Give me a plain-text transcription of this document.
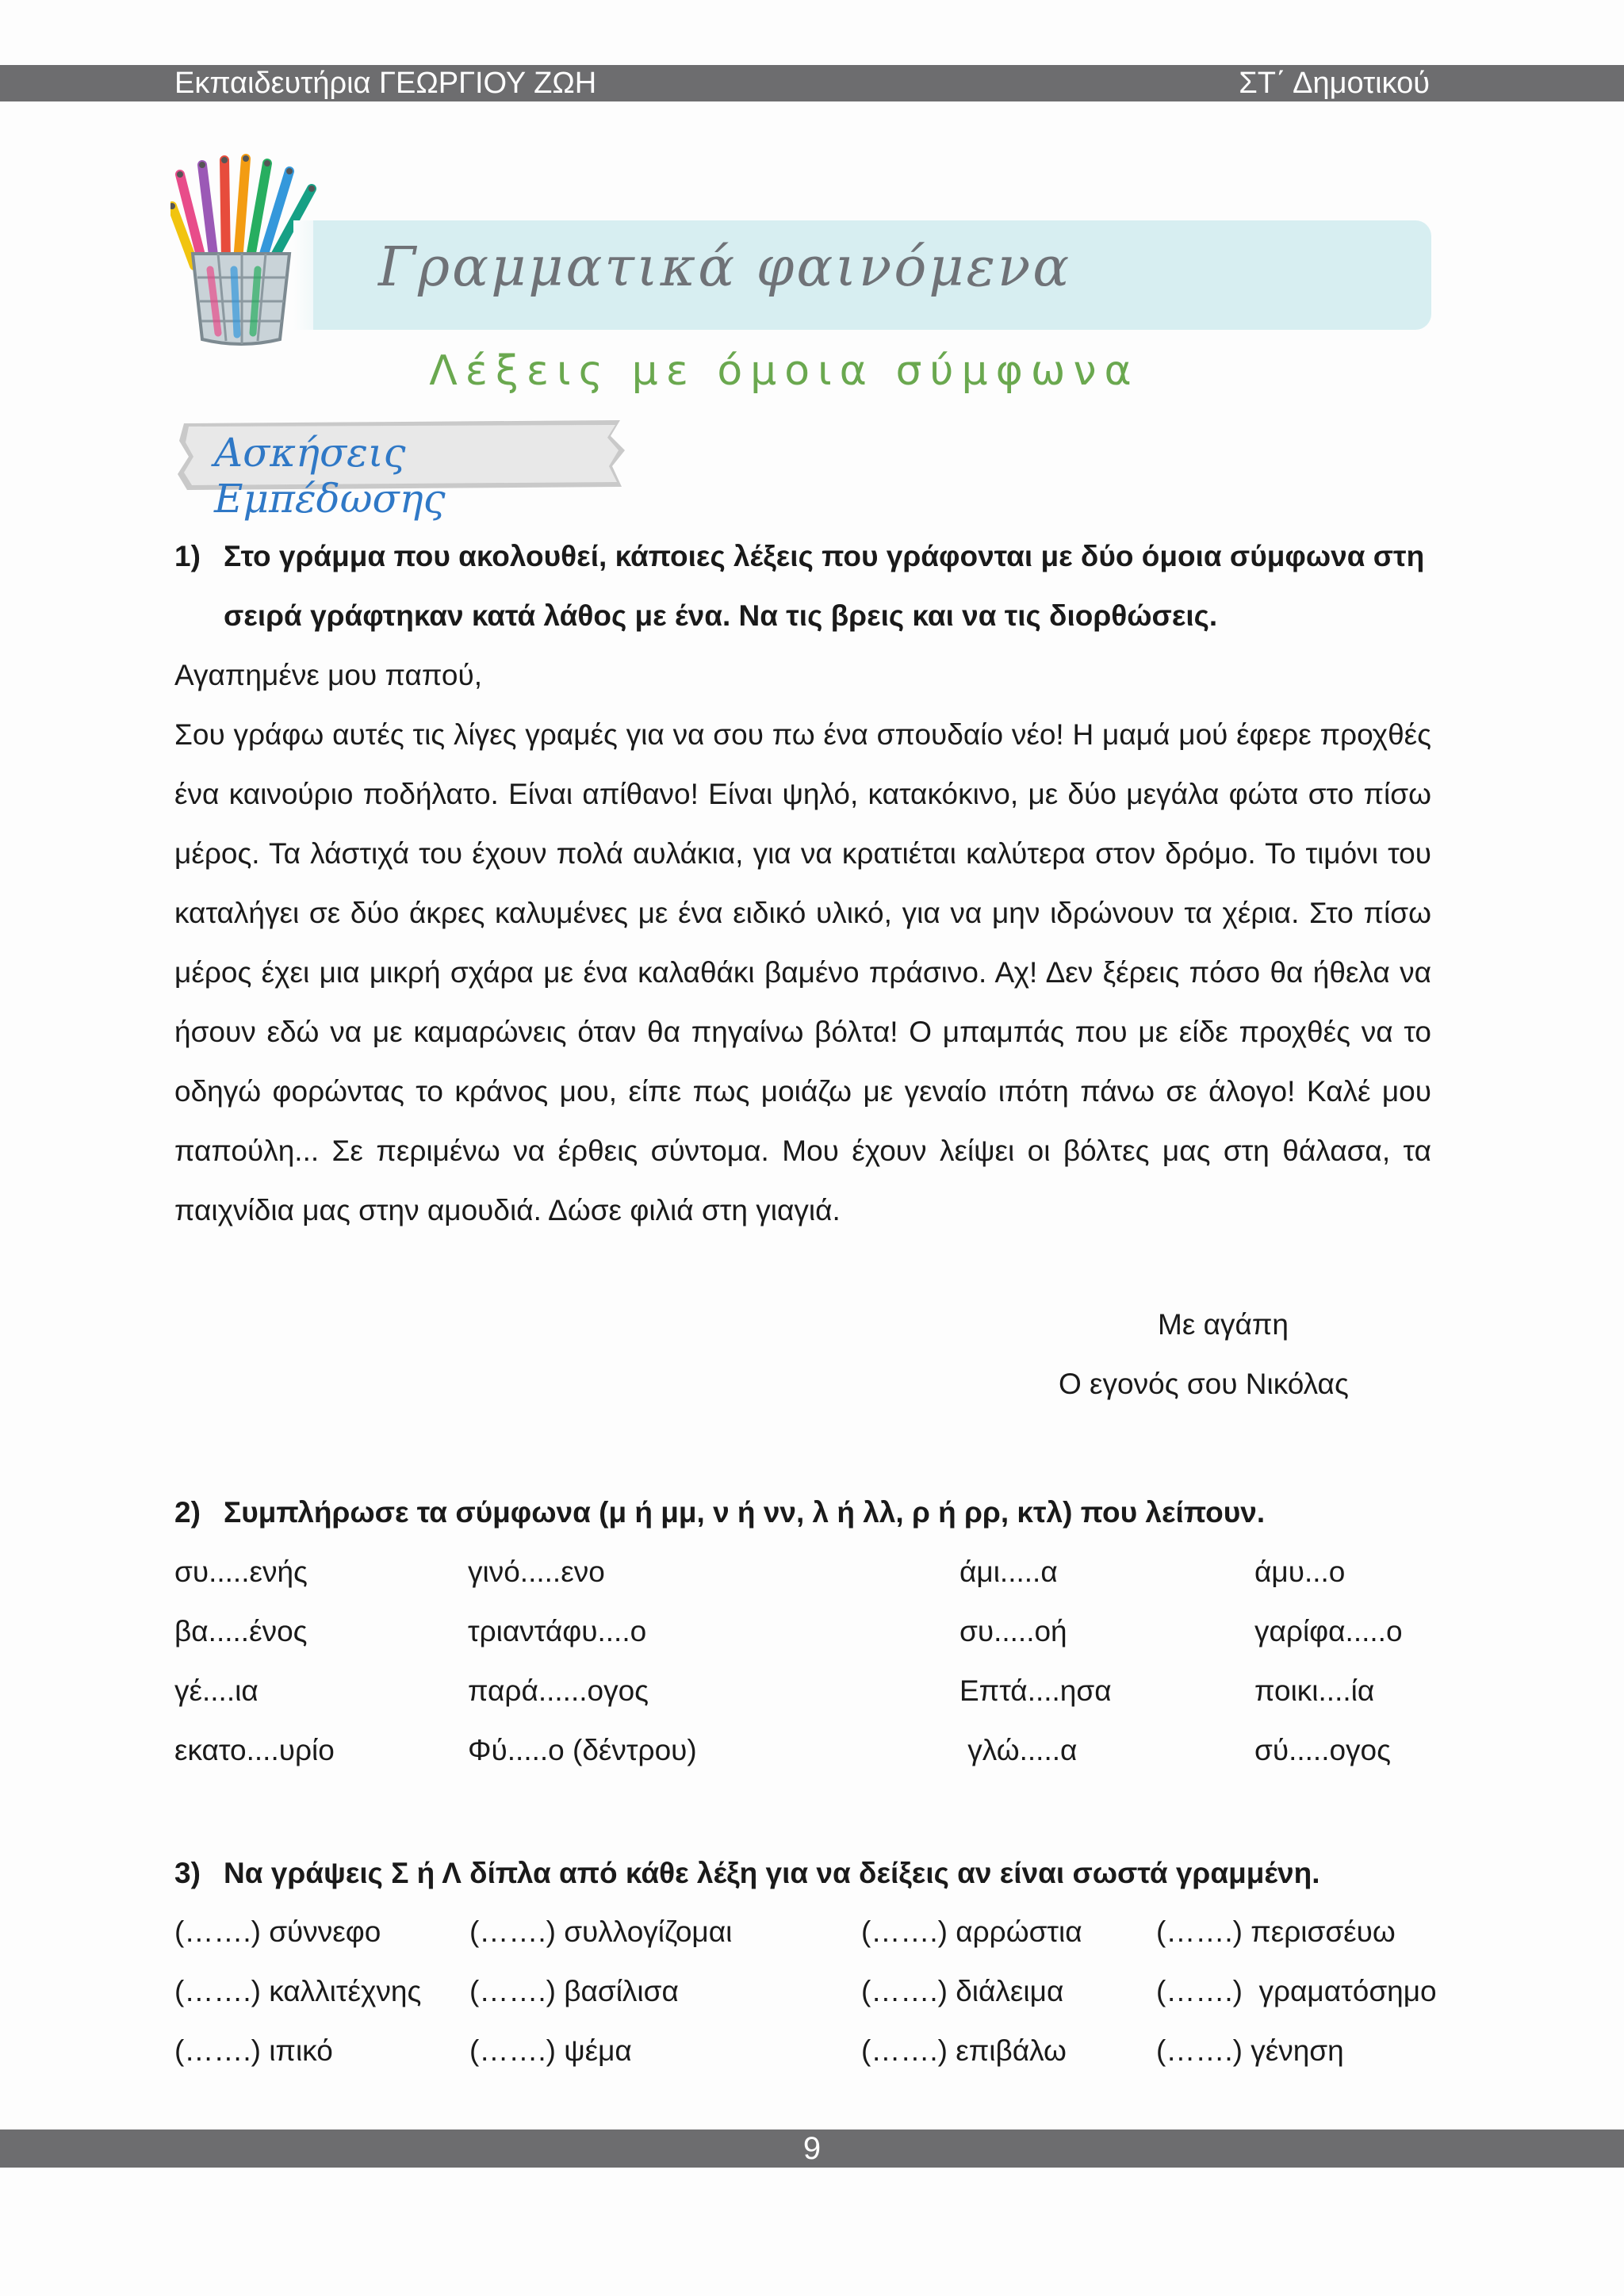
Εκπαιδευτήρια ΓΕΩΡΓΙΟΥ ΖΩΗ	ΣΤ΄ Δημοτικού
Γραμματικά φαινόμενα
Λέξεις με όμοια σύμφωνα
Ασκήσεις Εμπέδωσης
1) Στο γράμμα που ακολουθεί, κάποιες λέξεις που γράφονται με δύο όμοια σύμφωνα στη
σειρά γράφτηκαν κατά λάθος με ένα. Να τις βρεις και να τις διορθώσεις.
Αγαπημένε μου παπού,

Σου γράφω αυτές τις λίγες γραμές για να σου πω ένα σπουδαίο νέο! Η μαμά μού έφερε προχθές ένα καινούριο ποδήλατο. Είναι απίθανο! Είναι ψηλό, κατακόκινο, με δύο μεγάλα φώτα στο πίσω μέρος. Τα λάστιχά του έχουν πολά αυλάκια, για να κρατιέται καλύτερα στον δρόμο. Το τιμόνι του καταλήγει σε δύο άκρες καλυμένες με ένα ειδικό υλικό, για να μην ιδρώνουν τα χέρια. Στο πίσω μέρος έχει μια μικρή σχάρα με ένα καλαθάκι βαμένο πράσινο. Αχ! Δεν ξέρεις πόσο θα ήθελα να ήσουν εδώ να με καμαρώνεις όταν θα πηγαίνω βόλτα! Ο μπαμπάς που με είδε προχθές να το οδηγώ φορώντας το κράνος μου, είπε πως μοιάζω με γεναίο ιπότη πάνω σε άλογο! Καλέ μου παπούλη... Σε περιμένω να έρθεις σύντομα. Μου έχουν λείψει οι βόλτες μας στη θάλασα, τα παιχνίδια μας στην αμουδιά. Δώσε φιλιά στη γιαγιά.

Με αγάπη
Ο εγονός σου Νικόλας
2) Συμπλήρωσε τα σύμφωνα (μ ή μμ, ν ή νν, λ ή λλ, ρ ή ρρ, κτλ) που λείπουν.
συ.....ενής	γινό.....ενο	άμι.....α	άμυ...ο
βα.....ένος	τριαντάφυ....ο	συ.....οή	γαρίφα.....ο
γέ....ια	παρά......ογος	Επτά....ησα	ποικι....ία
εκατο....υρίο	Φύ.....ο (δέντρου)	γλώ.....α	σύ.....ογος
3) Να γράψεις Σ ή Λ δίπλα από κάθε λέξη για να δείξεις αν είναι σωστά γραμμένη.
(…….) σύννεφο	(…….) συλλογίζομαι	(…….) αρρώστια	(…….) περισσέυω
(…….) καλλιτέχνης (…….) βασίλισα	(…….) διάλειμα	(…….)  γραματόσημο
(…….) ιπικό	(…….) ψέμα	(…….) επιβάλω	(…….) γένηση
9
